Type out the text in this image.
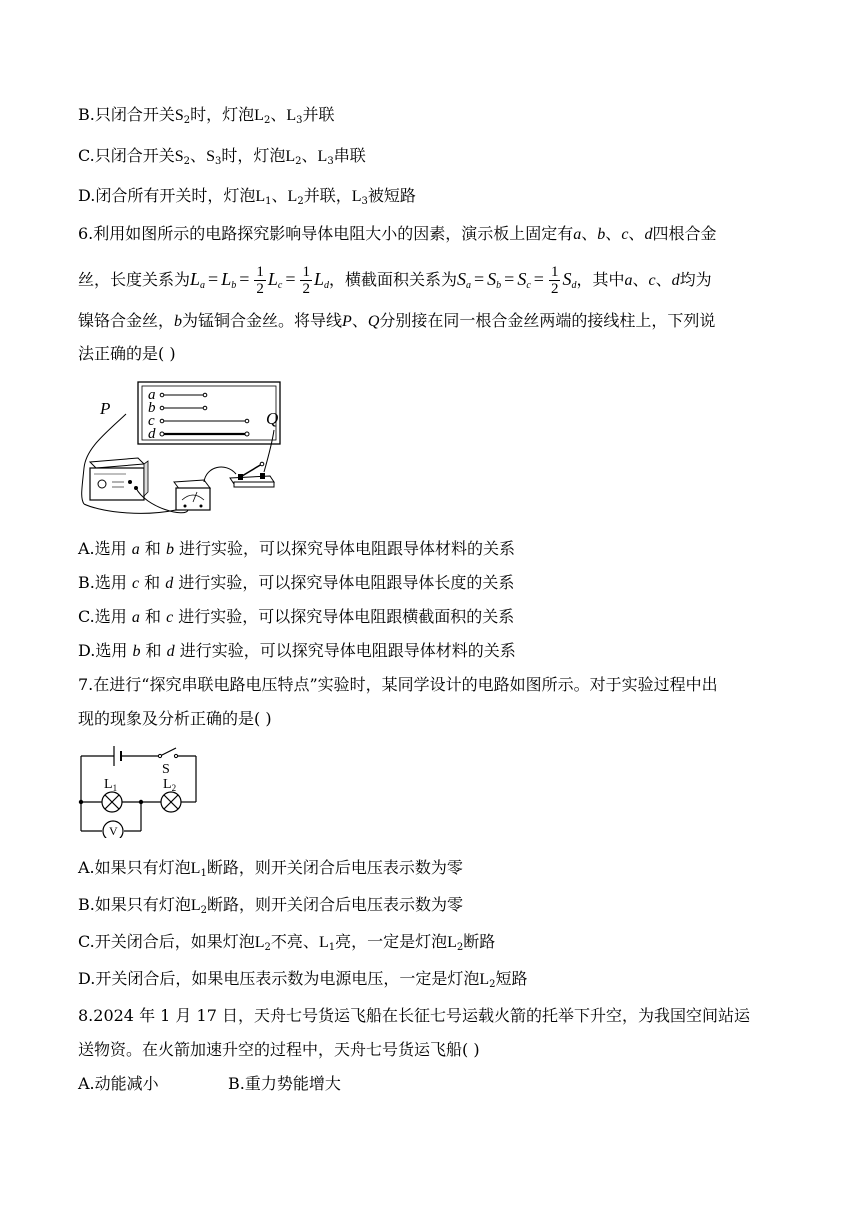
B.只闭合开关$S_2$时，灯泡$L_2$、$L_3$并联
C.只闭合开关$S_2$、$S_3$时，灯泡$L_2$、$L_3$串联
D.闭合所有开关时，灯泡$L_1$、$L_2$并联，$L_3$被短路
6.利用如图所示的电路探究影响导体电阻大小的因素，演示板上固定有a、b、c、d四根合金
丝，长度关系为$L_a = L_b = \frac{1}{2} L_c = \frac{1}{2} L_d$，横截面积关系为$S_a = S_b = S_c = \frac{1}{2} S_d$，其中a、c、d均为
镍铬合金丝，b为锰铜合金丝。将导线P、Q分别接在同一根合金丝两端的接线柱上，下列说
法正确的是( )
a
b
c
d
P
Q
A.选用 a 和 b 进行实验，可以探究导体电阻跟导体材料的关系
B.选用 c 和 d 进行实验，可以探究导体电阻跟导体长度的关系
C.选用 a 和 c 进行实验，可以探究导体电阻跟横截面积的关系
D.选用 b 和 d 进行实验，可以探究导体电阻跟导体材料的关系
7.在进行“探究串联电路电压特点”实验时，某同学设计的电路如图所示。对于实验过程中出
现的现象及分析正确的是( )
V
S
$L_1$	$L_2$
A.如果只有灯泡$L_1$断路，则开关闭合后电压表示数为零
B.如果只有灯泡$L_2$断路，则开关闭合后电压表示数为零
C.开关闭合后，如果灯泡$L_2$不亮、$L_1$亮，一定是灯泡$L_2$断路
D.开关闭合后，如果电压表示数为电源电压，一定是灯泡$L_2$短路
8.2024 年 1 月 17 日，天舟七号货运飞船在长征七号运载火箭的托举下升空，为我国空间站运
送物资。在火箭加速升空的过程中，天舟七号货运飞船( )
A.动能减小	B.重力势能增大
